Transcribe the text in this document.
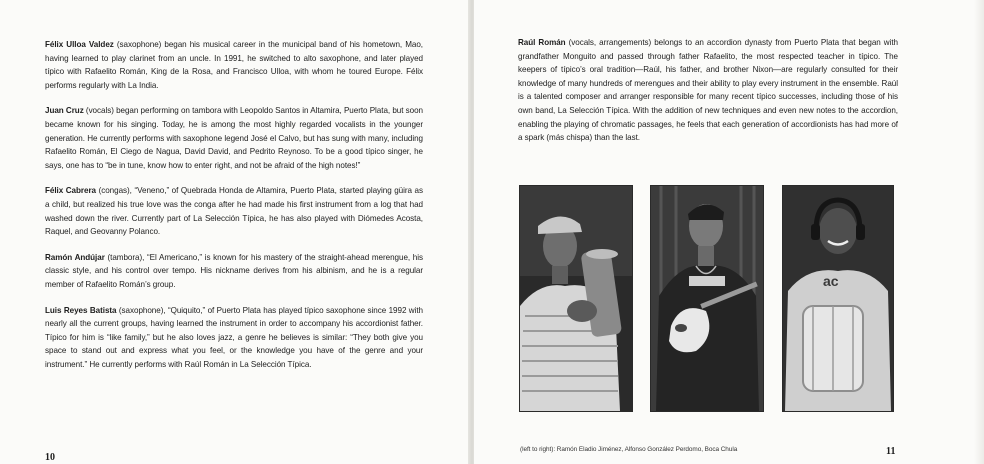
Félix Ulloa Valdez (saxophone) began his musical career in the municipal band of his hometown, Mao, having learned to play clarinet from an uncle. In 1991, he switched to alto saxophone, and later played típico with Rafaelito Román, King de la Rosa, and Francisco Ulloa, with whom he toured Europe. Félix performs regularly with La India.

Juan Cruz (vocals) began performing on tambora with Leopoldo Santos in Altamira, Puerto Plata, but soon became known for his singing. Today, he is among the most highly regarded vocalists in the younger generation. He currently performs with saxophone legend José el Calvo, but has sung with many, including Rafaelito Román, El Ciego de Nagua, David David, and Pedrito Reynoso. To be a good típico singer, he says, one has to “be in tune, know how to enter right, and not be afraid of the high notes!”

Félix Cabrera (congas), “Veneno,” of Quebrada Honda de Altamira, Puerto Plata, started playing güira as a child, but realized his true love was the conga after he had made his first instrument from a log that had washed down the river. Currently part of La Selección Típica, he has also played with Diómedes Acosta, Raquel, and Geovanny Polanco.

Ramón Andújar (tambora), “El Americano,” is known for his mastery of the straight-ahead merengue, his classic style, and his control over tempo. His nickname derives from his albinism, and he is a regular member of Rafaelito Román’s group.

Luis Reyes Batista (saxophone), “Quiquito,” of Puerto Plata has played típico saxophone since 1992 with nearly all the current groups, having learned the instrument in order to accompany his accordionist father. Típico for him is “like family,” but he also loves jazz, a genre he believes is similar: “They both give you space to stand out and express what you feel, or the knowledge you have of the genre and your instrument.” He currently performs with Raúl Román in La Selección Típica.

10

Raúl Román (vocals, arrangements) belongs to an accordion dynasty from Puerto Plata that began with grandfather Monguito and passed through father Rafaelito, the most respected teacher in típico. The keepers of típico’s oral tradition—Raúl, his father, and brother Nixon—are regularly consulted for their knowledge of many hundreds of merengues and their ability to play every instrument in the ensemble. Raúl is a talented composer and arranger responsible for many recent típico successes, including those of his own band, La Selección Típica. With the addition of new techniques and even new notes to the accordion, enabling the playing of chromatic passages, he feels that each generation of accordionists has had more of a spark (más chispa) than the last.

ac
(left to right): Ramón Eladio Jiménez, Alfonso González Perdomo, Boca Chula	11
